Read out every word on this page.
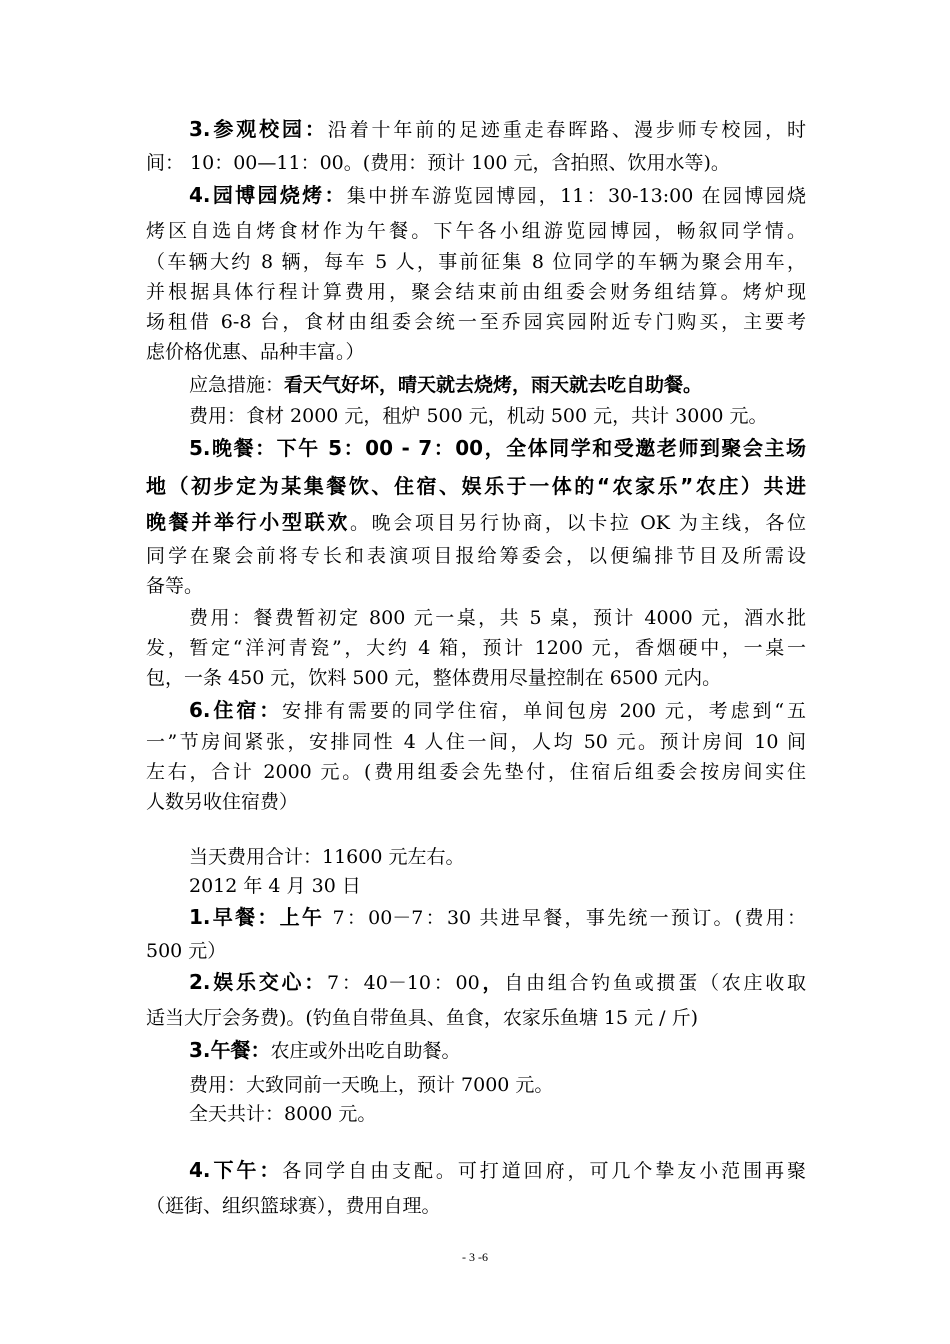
3.参观校园：沿着十年前的足迹重走春晖路、漫步师专校园，时
间： 10：00—11：00。(费用：预计 100 元，含拍照、饮用水等)。
4.园博园烧烤：集中拼车游览园博园，11：30-13:00 在园博园烧
烤区自选自烤食材作为午餐。下午各小组游览园博园，畅叙同学情。
（车辆大约 8 辆，每车 5 人，事前征集 8 位同学的车辆为聚会用车，
并根据具体行程计算费用，聚会结束前由组委会财务组结算。烤炉现
场租借 6-8 台，食材由组委会统一至乔园宾园附近专门购买，主要考
虑价格优惠、品种丰富。）
应急措施：看天气好坏，晴天就去烧烤，雨天就去吃自助餐。
费用：食材 2000 元，租炉 500 元，机动 500 元，共计 3000 元。
5.晚餐：下午 5：00 - 7：00，全体同学和受邀老师到聚会主场
地（初步定为某集餐饮、住宿、娱乐于一体的“农家乐”农庄）共进
晚餐并举行小型联欢。晚会项目另行协商，以卡拉 OK 为主线，各位
同学在聚会前将专长和表演项目报给筹委会，以便编排节目及所需设
备等。
费用：餐费暂初定 800 元一桌，共 5 桌，预计 4000 元，酒水批
发，暂定“洋河青瓷”，大约 4 箱，预计 1200 元，香烟硬中，一桌一
包，一条 450 元，饮料 500 元，整体费用尽量控制在 6500 元内。
6.住宿：安排有需要的同学住宿，单间包房 200 元，考虑到“五
一”节房间紧张，安排同性 4 人住一间，人均 50 元。预计房间 10 间
左右，合计 2000 元。(费用组委会先垫付，住宿后组委会按房间实住
人数另收住宿费）
当天费用合计：11600 元左右。
2012 年 4 月 30 日
1.早餐：上午 7：00－7：30 共进早餐，事先统一预订。(费用：
500 元）
2.娱乐交心：7：40－10：00，自由组合钓鱼或掼蛋（农庄收取
适当大厅会务费)。(钓鱼自带鱼具、鱼食，农家乐鱼塘 15 元 / 斤)
3.午餐：农庄或外出吃自助餐。
费用：大致同前一天晚上，预计 7000 元。
全天共计：8000 元。
4.下午：各同学自由支配。可打道回府，可几个挚友小范围再聚
（逛街、组织篮球赛），费用自理。
- 3 -6
